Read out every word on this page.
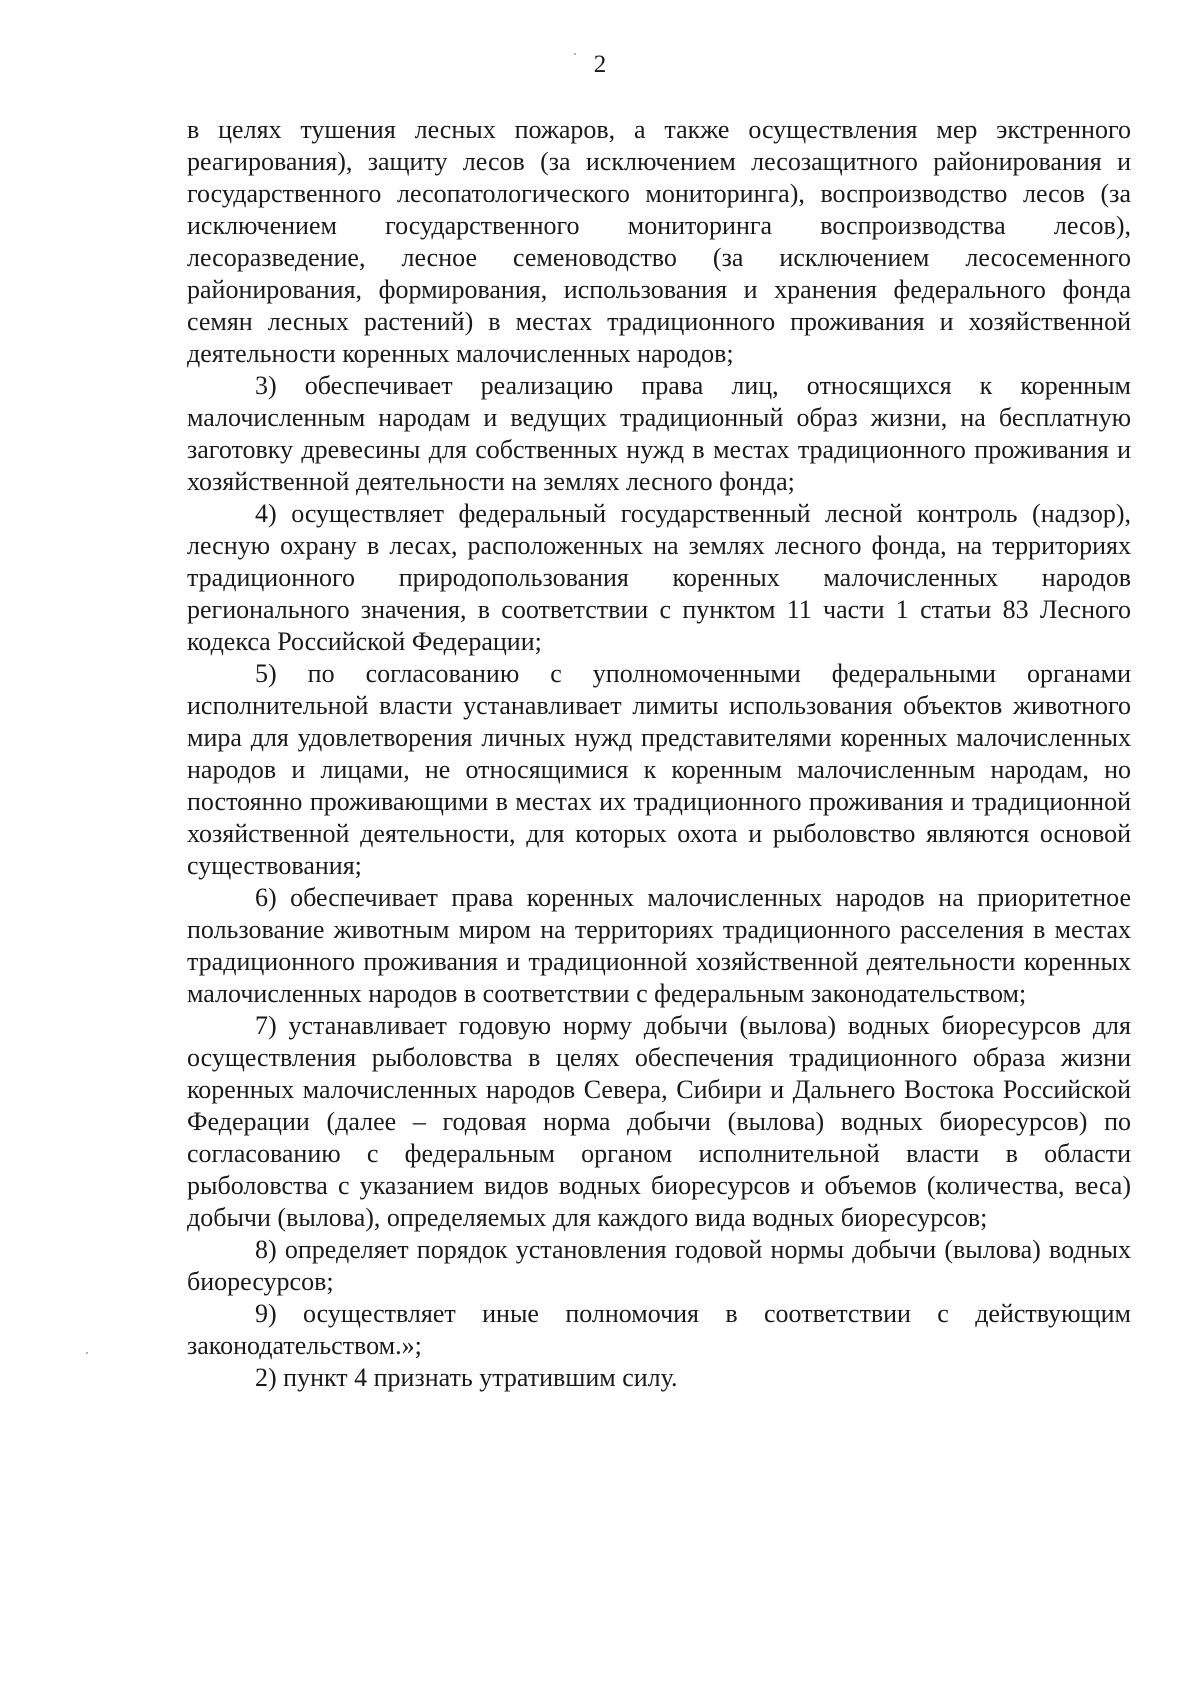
2

в целях тушения лесных пожаров, а также осуществления мер экстренного реагирования), защиту лесов (за исключением лесозащитного районирования и государственного лесопатологического мониторинга), воспроизводство лесов (за исключением государственного мониторинга воспроизводства лесов), лесоразведение, лесное семеноводство (за исключением лесосеменного районирования, формирования, использования и хранения федерального фонда семян лесных растений) в местах традиционного проживания и хозяйственной деятельности коренных малочисленных народов;

3) обеспечивает реализацию права лиц, относящихся к коренным малочисленным народам и ведущих традиционный образ жизни, на бесплатную заготовку древесины для собственных нужд в местах традиционного проживания и хозяйственной деятельности на землях лесного фонда;

4) осуществляет федеральный государственный лесной контроль (надзор), лесную охрану в лесах, расположенных на землях лесного фонда, на территориях традиционного природопользования коренных малочисленных народов регионального значения, в соответствии с пунктом 11 части 1 статьи 83 Лесного кодекса Российской Федерации;

5) по согласованию с уполномоченными федеральными органами исполнительной власти устанавливает лимиты использования объектов животного мира для удовлетворения личных нужд представителями коренных малочисленных народов и лицами, не относящимися к коренным малочисленным народам, но постоянно проживающими в местах их традиционного проживания и традиционной хозяйственной деятельности, для которых охота и рыболовство являются основой существования;

6) обеспечивает права коренных малочисленных народов на приоритетное пользование животным миром на территориях традиционного расселения в местах традиционного проживания и традиционной хозяйственной деятельности коренных малочисленных народов в соответствии с федеральным законодательством;

7) устанавливает годовую норму добычи (вылова) водных биоресурсов для осуществления рыболовства в целях обеспечения традиционного образа жизни коренных малочисленных народов Севера, Сибири и Дальнего Востока Российской Федерации (далее – годовая норма добычи (вылова) водных биоресурсов) по согласованию с федеральным органом исполнительной власти в области рыболовства с указанием видов водных биоресурсов и объемов (количества, веса) добычи (вылова), определяемых для каждого вида водных биоресурсов;

8) определяет порядок установления годовой нормы добычи (вылова) водных биоресурсов;

9) осуществляет иные полномочия в соответствии с действующим законодательством.»;

2) пункт 4 признать утратившим силу.
